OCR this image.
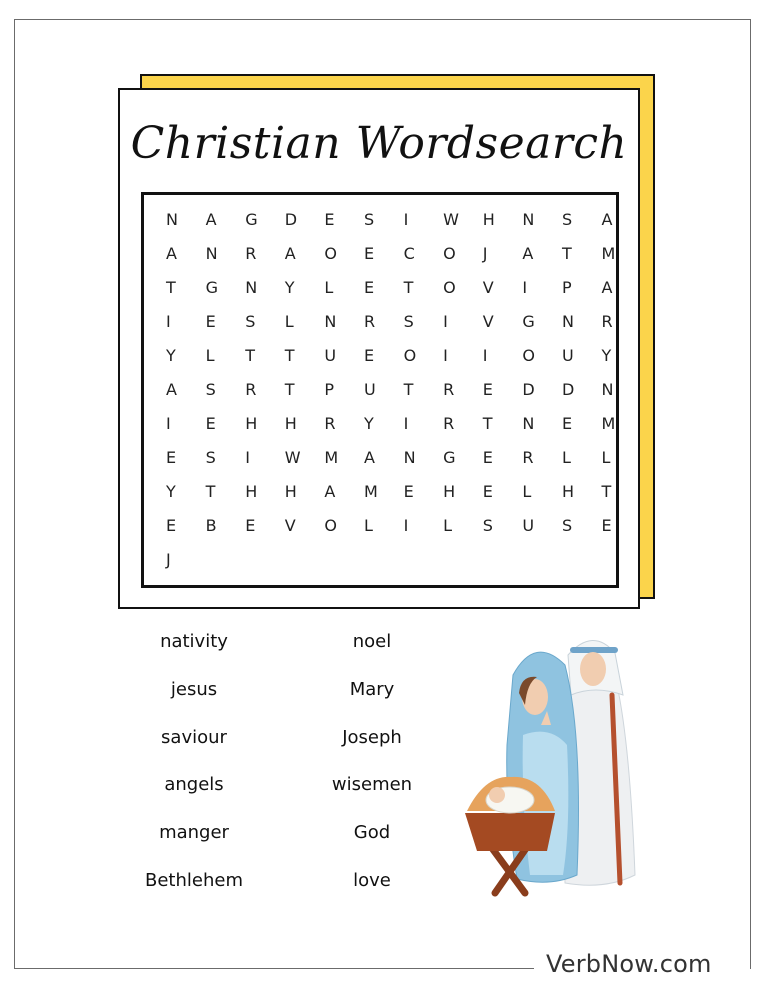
Christian Wordsearch
N	A	G	D	E	S	I	W	H	N	S	A
A	N	R	A	O	E	C	O	J	A	T	M
T	G	N	Y	L	E	T	O	V	I	P	A
I	E	S	L	N	R	S	I	V	G	N	R
Y	L	T	T	U	E	O	I	I	O	U	Y
A	S	R	T	P	U	T	R	E	D	D	N
I	E	H	H	R	Y	I	R	T	N	E	M
E	S	I	W	M	A	N	G	E	R	L	L
Y	T	H	H	A	M	E	H	E	L	H	T
E	B	E	V	O	L	I	L	S	U	S	E
J
nativity
jesus
saviour
angels
manger
Bethlehem
noel
Mary
Joseph
wisemen
God
love
VerbNow.com
